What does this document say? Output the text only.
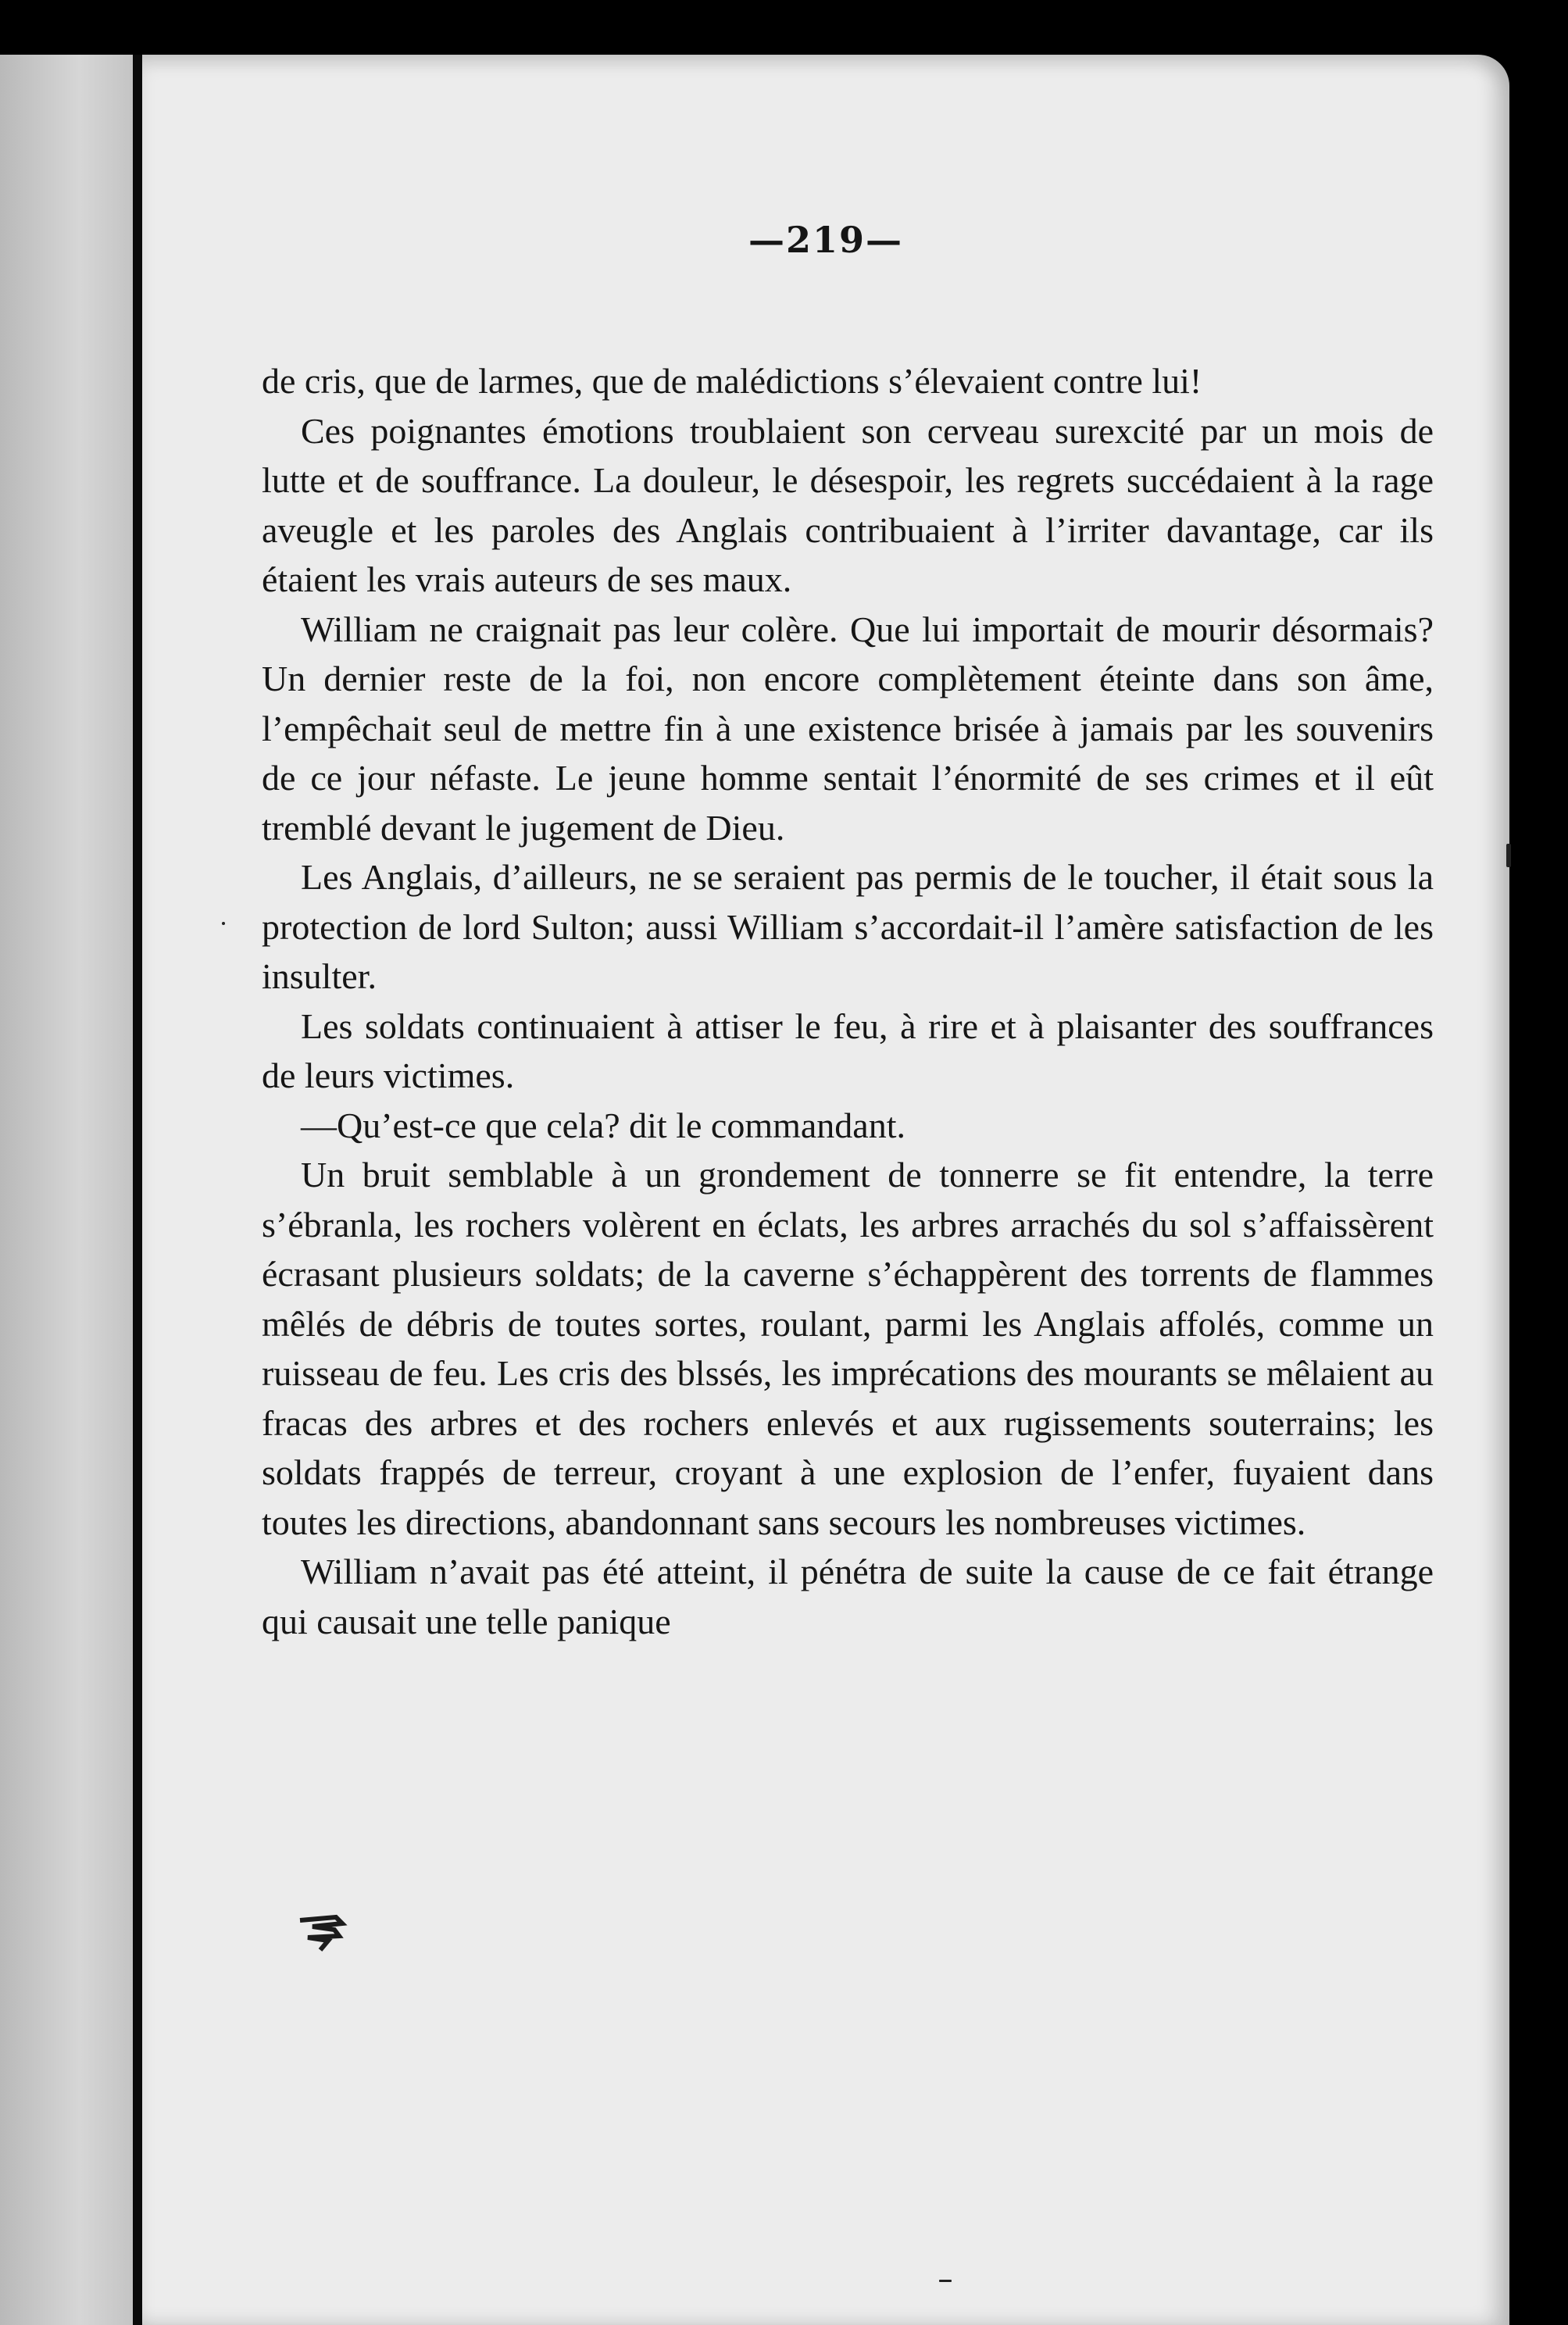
—219—

de cris, que de larmes, que de malédictions s’élevaient contre lui!

Ces poignantes émotions troublaient son cerveau surexcité par un mois de lutte et de souffrance. La douleur, le désespoir, les regrets succédaient à la rage aveugle et les paroles des Anglais contribuaient à l’irriter davantage, car ils étaient les vrais auteurs de ses maux.

William ne craignait pas leur colère. Que lui importait de mourir désormais? Un dernier reste de la foi, non encore complètement éteinte dans son âme, l’empêchait seul de mettre fin à une existence brisée à jamais par les souvenirs de ce jour néfaste. Le jeune homme sentait l’énormité de ses crimes et il eût tremblé devant le jugement de Dieu.

Les Anglais, d’ailleurs, ne se seraient pas permis de le toucher, il était sous la protection de lord Sulton; aussi William s’accordait-il l’amère satisfaction de les insulter.

Les soldats continuaient à attiser le feu, à rire et à plaisanter des souffrances de leurs victimes.

—Qu’est-ce que cela? dit le commandant.

Un bruit semblable à un grondement de tonnerre se fit entendre, la terre s’ébranla, les rochers volèrent en éclats, les arbres arrachés du sol s’affaissèrent écrasant plusieurs soldats; de la caverne s’échappèrent des torrents de flammes mêlés de débris de toutes sortes, roulant, parmi les Anglais affolés, comme un ruisseau de feu. Les cris des blssés, les imprécations des mourants se mêlaient au fracas des arbres et des rochers enlevés et aux rugissements souterrains; les soldats frappés de terreur, croyant à une explosion de l’enfer, fuyaient dans toutes les directions, abandonnant sans secours les nombreuses victimes.

William n’avait pas été atteint, il pénétra de suite la cause de ce fait étrange qui causait une telle panique
